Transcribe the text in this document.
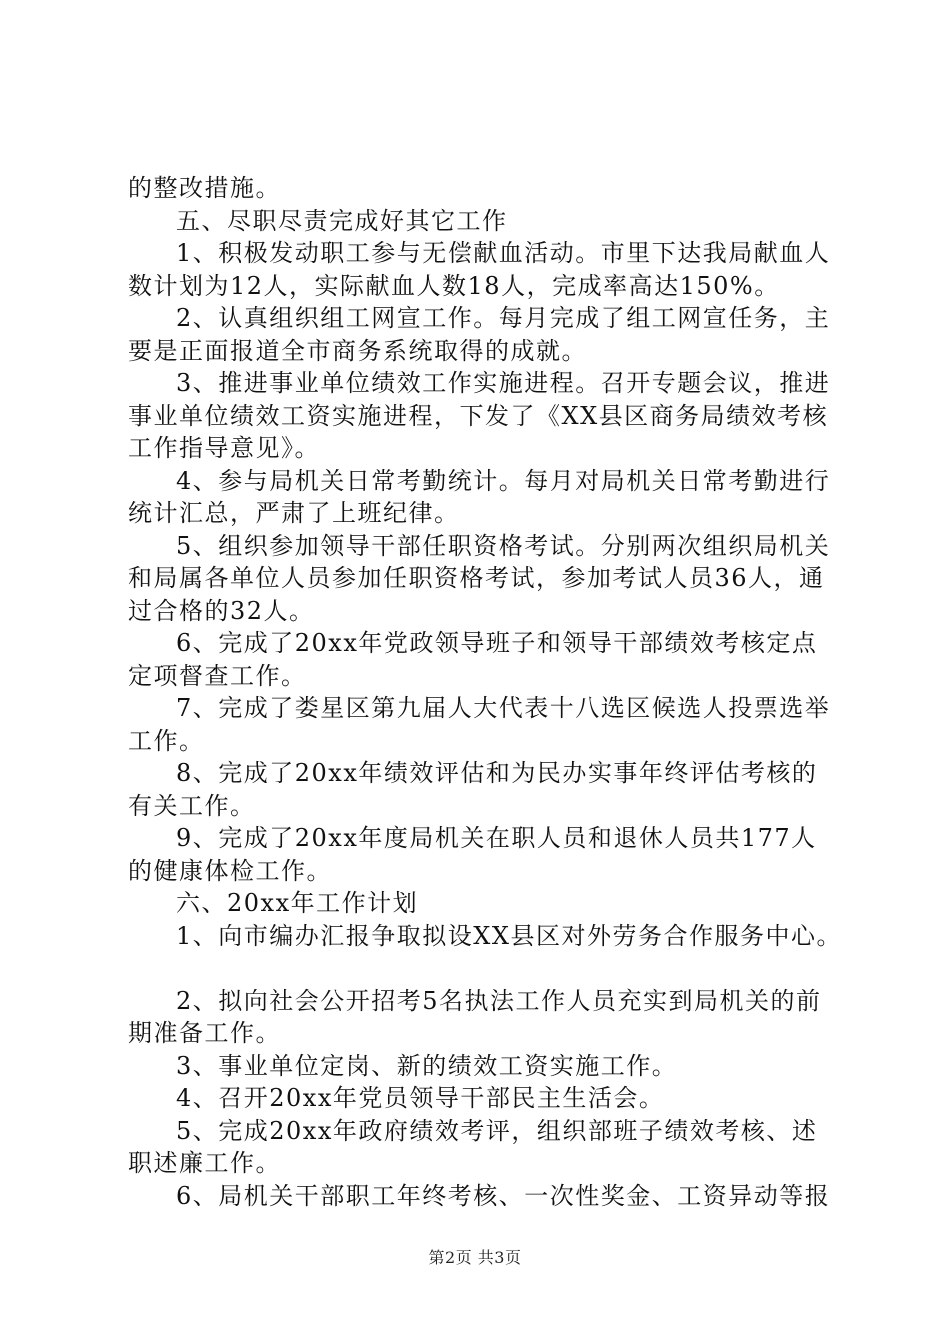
的整改措施。
五、尽职尽责完成好其它工作
1、积极发动职工参与无偿献血活动。市里下达我局献血人
数计划为12人，实际献血人数18人，完成率高达150%。
2、认真组织组工网宣工作。每月完成了组工网宣任务，主
要是正面报道全市商务系统取得的成就。
3、推进事业单位绩效工作实施进程。召开专题会议，推进
事业单位绩效工资实施进程，下发了《XX县区商务局绩效考核
工作指导意见》。
4、参与局机关日常考勤统计。每月对局机关日常考勤进行
统计汇总，严肃了上班纪律。
5、组织参加领导干部任职资格考试。分别两次组织局机关
和局属各单位人员参加任职资格考试，参加考试人员36人，通
过合格的32人。
6、完成了20xx年党政领导班子和领导干部绩效考核定点
定项督查工作。
7、完成了娄星区第九届人大代表十八选区候选人投票选举
工作。
8、完成了20xx年绩效评估和为民办实事年终评估考核的
有关工作。
9、完成了20xx年度局机关在职人员和退休人员共177人
的健康体检工作。
六、20xx年工作计划
1、向市编办汇报争取拟设XX县区对外劳务合作服务中心。
2、拟向社会公开招考5名执法工作人员充实到局机关的前
期准备工作。
3、事业单位定岗、新的绩效工资实施工作。
4、召开20xx年党员领导干部民主生活会。
5、完成20xx年政府绩效考评，组织部班子绩效考核、述
职述廉工作。
6、局机关干部职工年终考核、一次性奖金、工资异动等报
第2页 共3页
